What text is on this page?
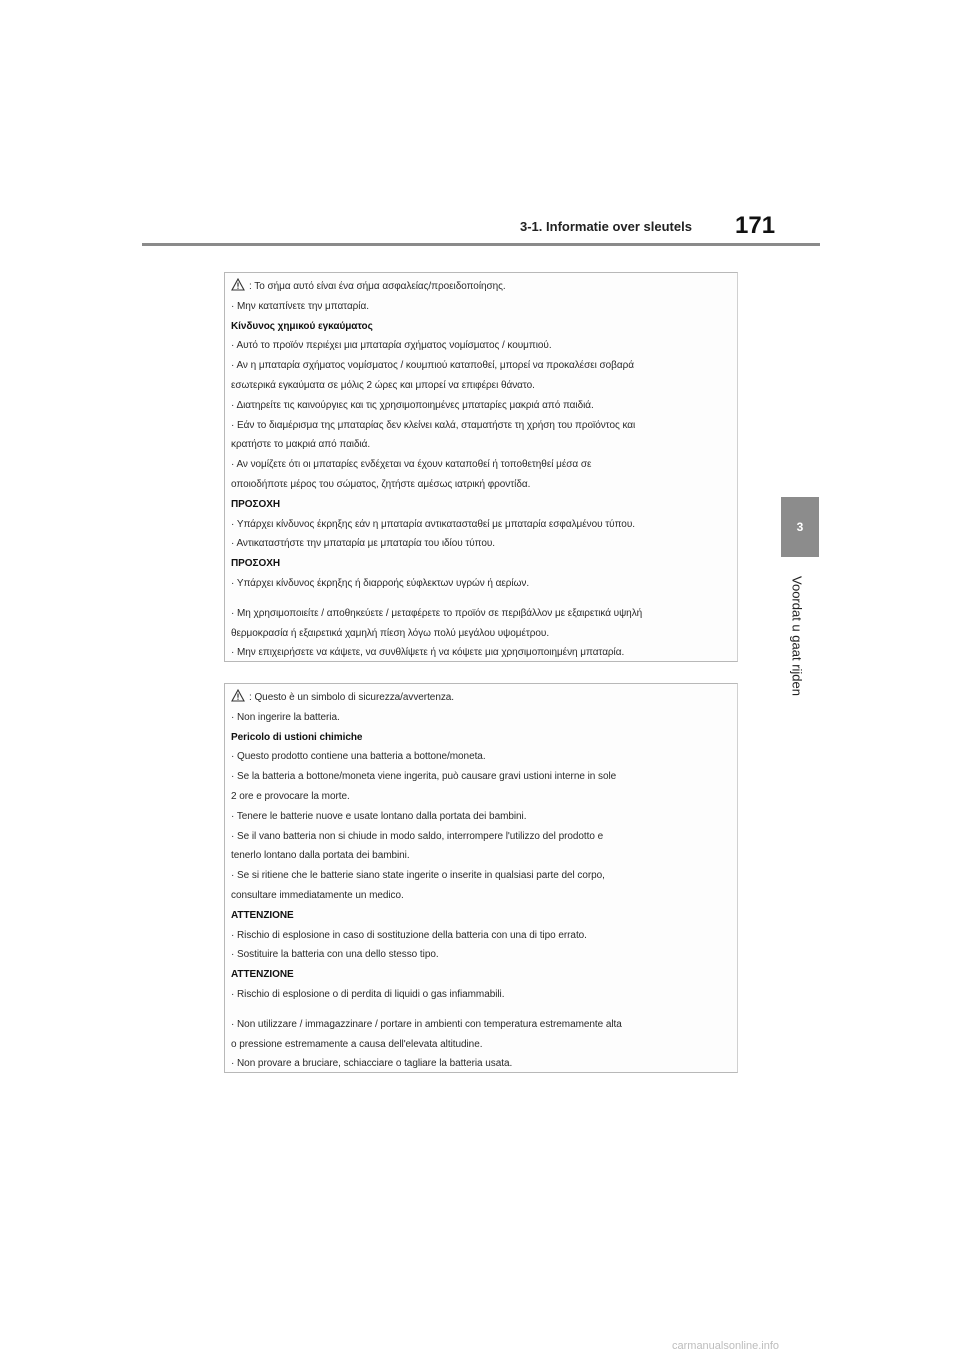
3-1. Informatie over sleutels 171
3
Voordat u gaat rijden
: Το σήμα αυτό είναι ένα σήμα ασφαλείας/προειδοποίησης.
· Μην καταπίνετε την μπαταρία.
Κίνδυνος χημικού εγκαύματος
· Αυτό το προϊόν περιέχει μια μπαταρία σχήματος νομίσματος / κουμπιού.
· Αν η μπαταρία σχήματος νομίσματος / κουμπιού καταποθεί, μπορεί να προκαλέσει σοβαρά
εσωτερικά εγκαύματα σε μόλις 2 ώρες και μπορεί να επιφέρει θάνατο.
· Διατηρείτε τις καινούργιες και τις χρησιμοποιημένες μπαταρίες μακριά από παιδιά.
· Εάν το διαμέρισμα της μπαταρίας δεν κλείνει καλά, σταματήστε τη χρήση του προϊόντος και
κρατήστε το μακριά από παιδιά.
· Αν νομίζετε ότι οι μπαταρίες ενδέχεται να έχουν καταποθεί ή τοποθετηθεί μέσα σε
οποιοδήποτε μέρος του σώματος, ζητήστε αμέσως ιατρική φροντίδα.
ΠΡΟΣΟΧΗ
· Υπάρχει κίνδυνος έκρηξης εάν η μπαταρία αντικατασταθεί με μπαταρία εσφαλμένου τύπου.
· Αντικαταστήστε την μπαταρία με μπαταρία του ιδίου τύπου.
ΠΡΟΣΟΧΗ
· Υπάρχει κίνδυνος έκρηξης ή διαρροής εύφλεκτων υγρών ή αερίων.
· Μη χρησιμοποιείτε / αποθηκεύετε / μεταφέρετε το προϊόν σε περιβάλλον με εξαιρετικά υψηλή
θερμοκρασία ή εξαιρετικά χαμηλή πίεση λόγω πολύ μεγάλου υψομέτρου.
· Μην επιχειρήσετε να κάψετε, να συνθλίψετε ή να κόψετε μια χρησιμοποιημένη μπαταρία.
: Questo è un simbolo di sicurezza/avvertenza.
· Non ingerire la batteria.
Pericolo di ustioni chimiche
· Questo prodotto contiene una batteria a bottone/moneta.
· Se la batteria a bottone/moneta viene ingerita, può causare gravi ustioni interne in sole
2 ore e provocare la morte.
· Tenere le batterie nuove e usate lontano dalla portata dei bambini.
· Se il vano batteria non si chiude in modo saldo, interrompere l'utilizzo del prodotto e
tenerlo lontano dalla portata dei bambini.
· Se si ritiene che le batterie siano state ingerite o inserite in qualsiasi parte del corpo,
consultare immediatamente un medico.
ATTENZIONE
· Rischio di esplosione in caso di sostituzione della batteria con una di tipo errato.
· Sostituire la batteria con una dello stesso tipo.
ATTENZIONE
· Rischio di esplosione o di perdita di liquidi o gas infiammabili.
· Non utilizzare / immagazzinare / portare in ambienti con temperatura estremamente alta
o pressione estremamente a causa dell'elevata altitudine.
· Non provare a bruciare, schiacciare o tagliare la batteria usata.
carmanualsonline.info
